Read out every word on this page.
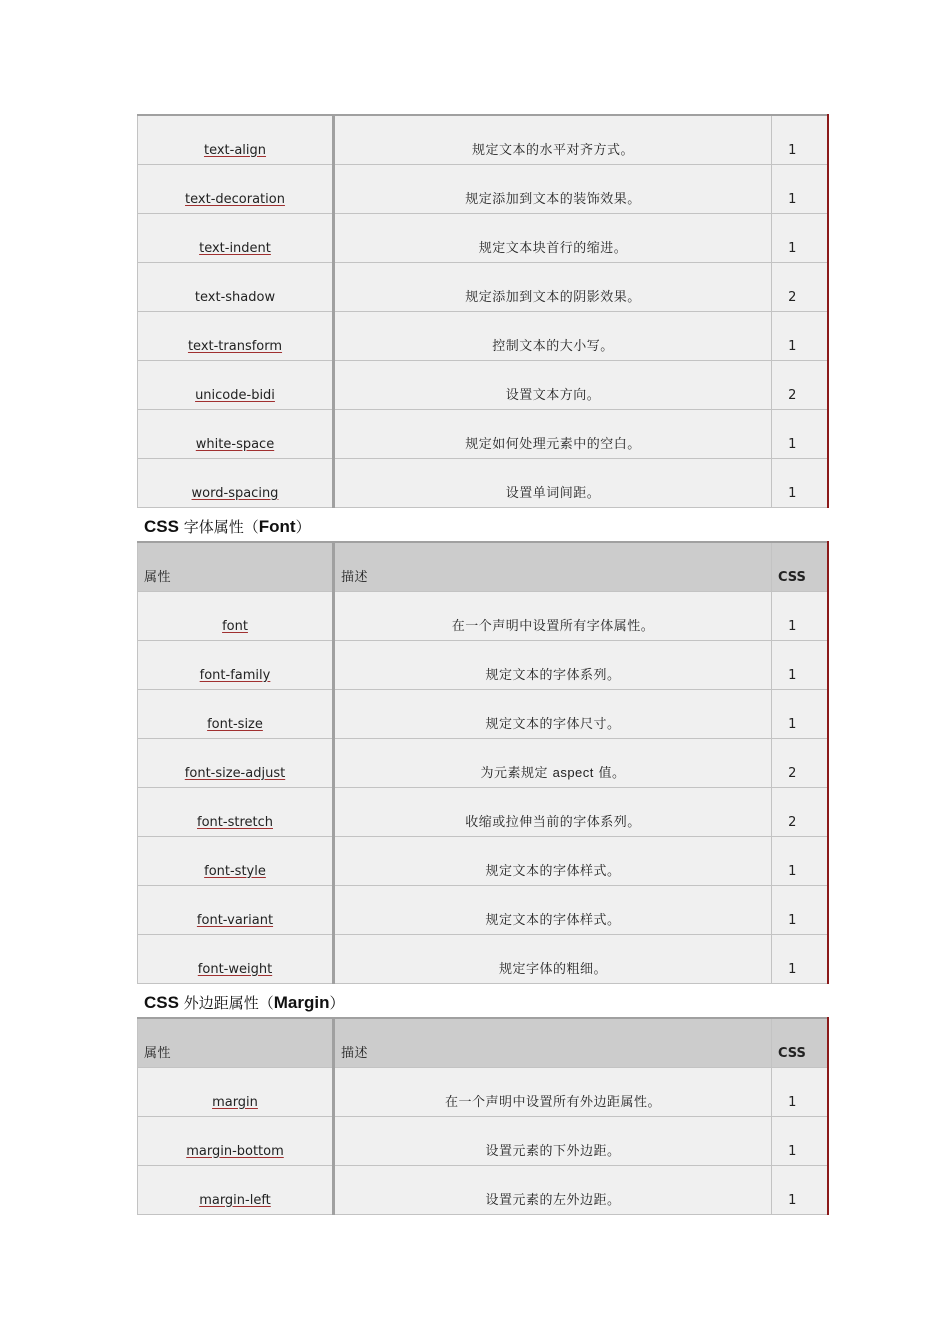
text-align	规定文本的水平对齐方式。	1
text-decoration	规定添加到文本的装饰效果。	1
text-indent	规定文本块首行的缩进。	1
text-shadow	规定添加到文本的阴影效果。	2
text-transform	控制文本的大小写。	1
unicode-bidi	设置文本方向。	2
white-space	规定如何处理元素中的空白。	1
word-spacing	设置单词间距。	1
CSS 字体属性（Font）
属性	描述	CSS
font	在一个声明中设置所有字体属性。	1
font-family	规定文本的字体系列。	1
font-size	规定文本的字体尺寸。	1
font-size-adjust	为元素规定 aspect 值。	2
font-stretch	收缩或拉伸当前的字体系列。	2
font-style	规定文本的字体样式。	1
font-variant	规定文本的字体样式。	1
font-weight	规定字体的粗细。	1
CSS 外边距属性（Margin）
属性	描述	CSS
margin	在一个声明中设置所有外边距属性。	1
margin-bottom	设置元素的下外边距。	1
margin-left	设置元素的左外边距。	1
